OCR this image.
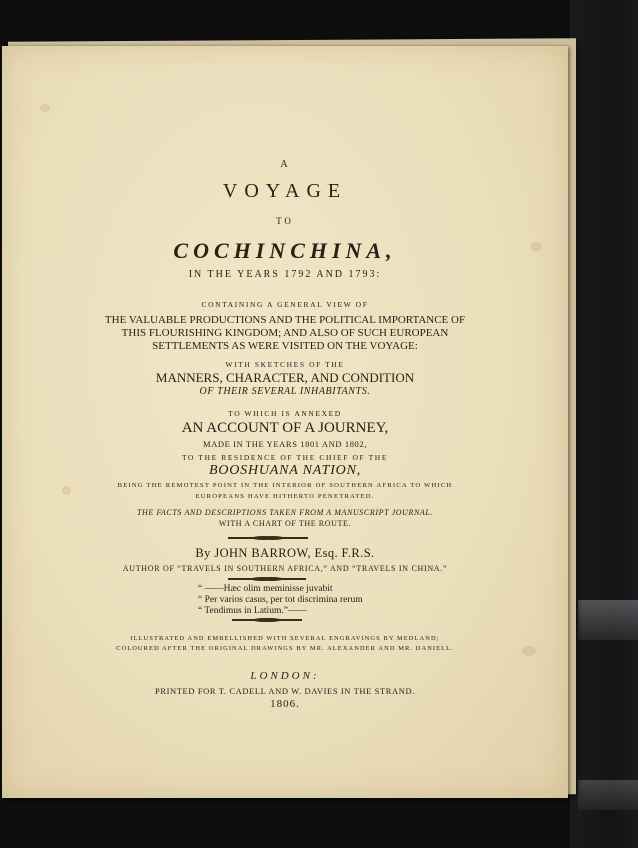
A
VOYAGE
TO
COCHINCHINA,
IN THE YEARS 1792 AND 1793:
CONTAINING A GENERAL VIEW OF
THE VALUABLE PRODUCTIONS AND THE POLITICAL IMPORTANCE OF
THIS FLOURISHING KINGDOM; AND ALSO OF SUCH EUROPEAN
SETTLEMENTS AS WERE VISITED ON THE VOYAGE:
WITH SKETCHES OF THE
MANNERS, CHARACTER, AND CONDITION
OF THEIR SEVERAL INHABITANTS.
TO WHICH IS ANNEXED
AN ACCOUNT OF A JOURNEY,
MADE IN THE YEARS 1801 AND 1802,
TO THE RESIDENCE OF THE CHIEF OF THE
BOOSHUANA NATION,
BEING THE REMOTEST POINT IN THE INTERIOR OF SOUTHERN AFRICA TO WHICH
EUROPEANS HAVE HITHERTO PENETRATED.
THE FACTS AND DESCRIPTIONS TAKEN FROM A MANUSCRIPT JOURNAL.
WITH A CHART OF THE ROUTE.
By JOHN BARROW, Esq. F.R.S.
AUTHOR OF “TRAVELS IN SOUTHERN AFRICA,” AND “TRAVELS IN CHINA.”
“ ——Hæc olim meminisse juvabit
“ Per varios casus, per tot discrimina rerum
“ Tendimus in Latium.”——
ILLUSTRATED AND EMBELLISHED WITH SEVERAL ENGRAVINGS BY MEDLAND;
COLOURED AFTER THE ORIGINAL DRAWINGS BY MR. ALEXANDER AND MR. DANIELL.
LONDON:
PRINTED FOR T. CADELL AND W. DAVIES IN THE STRAND.
1806.
